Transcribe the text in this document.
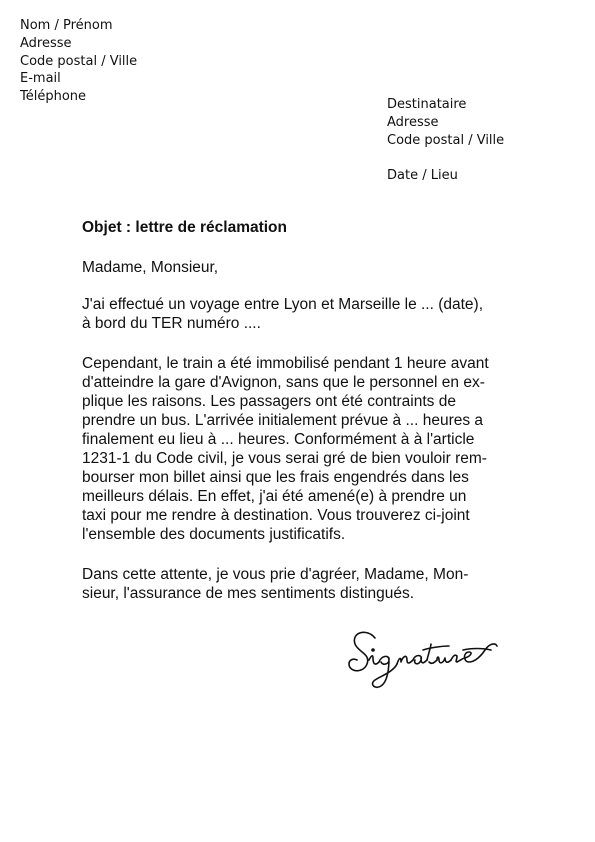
Nom / Prénom
Adresse
Code postal / Ville
E-mail
Téléphone
Destinataire
Adresse
Code postal / Ville
Date / Lieu
Objet : lettre de réclamation
Madame, Monsieur,
J'ai effectué un voyage entre Lyon et Marseille le ... (date),
à bord du TER numéro ....
Cependant, le train a été immobilisé pendant 1 heure avant
d'atteindre la gare d'Avignon, sans que le personnel en ex-
plique les raisons. Les passagers ont été contraints de
prendre un bus. L'arrivée initialement prévue à ... heures a
finalement eu lieu à ... heures. Conformément à à l'article
1231-1 du Code civil, je vous serai gré de bien vouloir rem-
bourser mon billet ainsi que les frais engendrés dans les
meilleurs délais. En effet, j'ai été amené(e) à prendre un
taxi pour me rendre à destination. Vous trouverez ci-joint
l'ensemble des documents justificatifs.
Dans cette attente, je vous prie d'agréer, Madame, Mon-
sieur, l'assurance de mes sentiments distingués.
